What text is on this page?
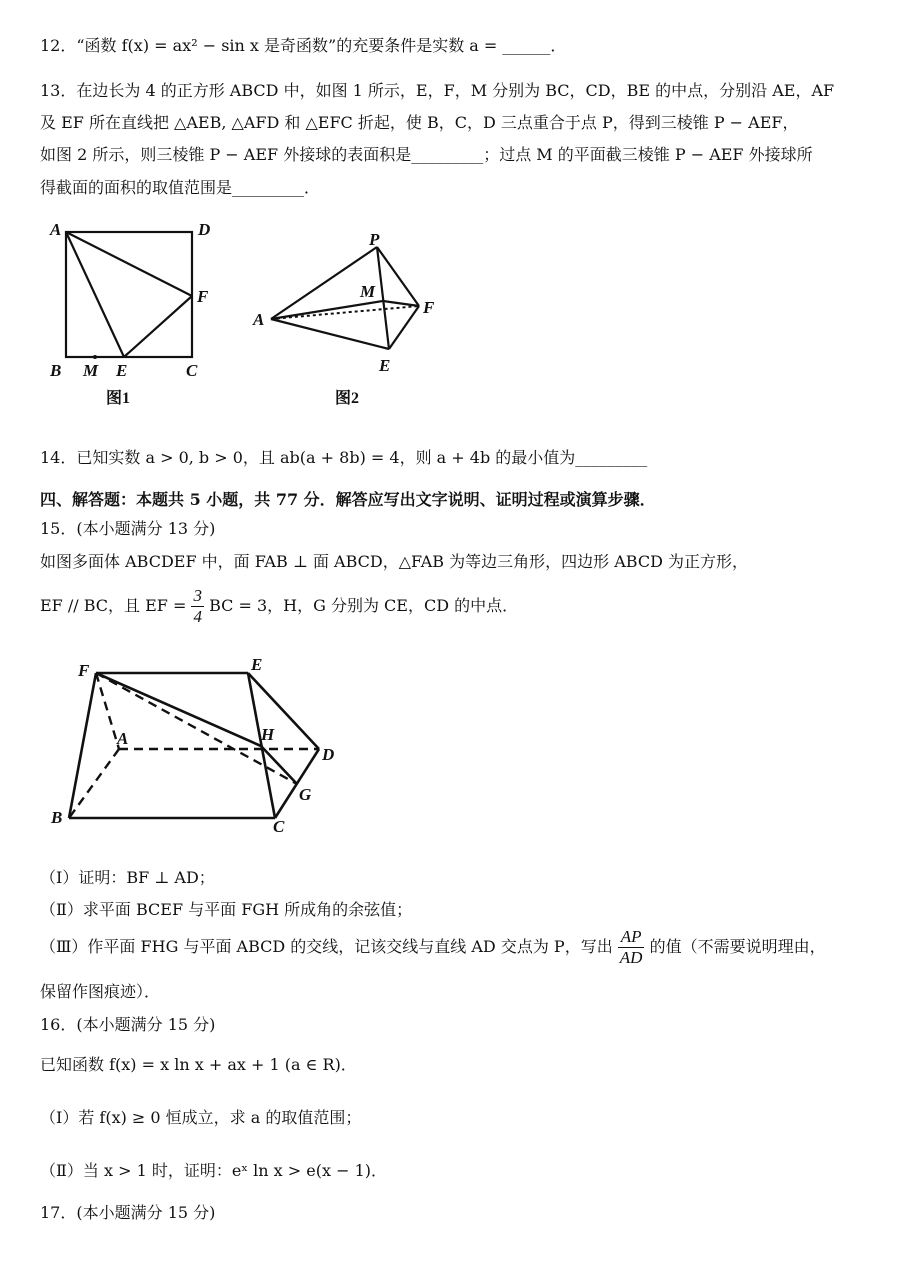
12．“函数 f(x) = ax² − sin x 是奇函数”的充要条件是实数 a = ______．
13．在边长为 4 的正方形 ABCD 中，如图 1 所示，E，F，M 分别为 BC，CD，BE 的中点，分别沿 AE，AF
及 EF 所在直线把 △AEB, △AFD 和 △EFC 折起，使 B，C，D 三点重合于点 P，得到三棱锥 P − AEF，
如图 2 所示，则三棱锥 P − AEF 外接球的表面积是_________；过点 M 的平面截三棱锥 P − AEF 外接球所
得截面的面积的取值范围是_________．
A	D
F
B M E	C
图1
P
M
A
F
E
图2
14．已知实数 a > 0, b > 0，且 ab(a + 8b) = 4，则 a + 4b 的最小值为_________
四、解答题：本题共 5 小题，共 77 分．解答应写出文字说明、证明过程或演算步骤．
15．(本小题满分 13 分)
如图多面体 ABCDEF 中，面 FAB ⊥ 面 ABCD，△FAB 为等边三角形，四边形 ABCD 为正方形，
EF // BC，且 EF = $\frac{3}{4}$ BC = 3，H，G 分别为 CE，CD 的中点．
F	E
A	H
D
G
B	C
（Ⅰ）证明：BF ⊥ AD；
（Ⅱ）求平面 BCEF 与平面 FGH 所成角的余弦值；
（Ⅲ）作平面 FHG 与平面 ABCD 的交线，记该交线与直线 AD 交点为 P，写出 $\frac{AP}{AD}$ 的值（不需要说明理由，
保留作图痕迹）．
16．(本小题满分 15 分)
已知函数 f(x) = x ln x + ax + 1 (a ∈ R)．
（Ⅰ）若 f(x) ≥ 0 恒成立，求 a 的取值范围；
（Ⅱ）当 x > 1 时，证明：eˣ ln x > e(x − 1)．
17．(本小题满分 15 分)
